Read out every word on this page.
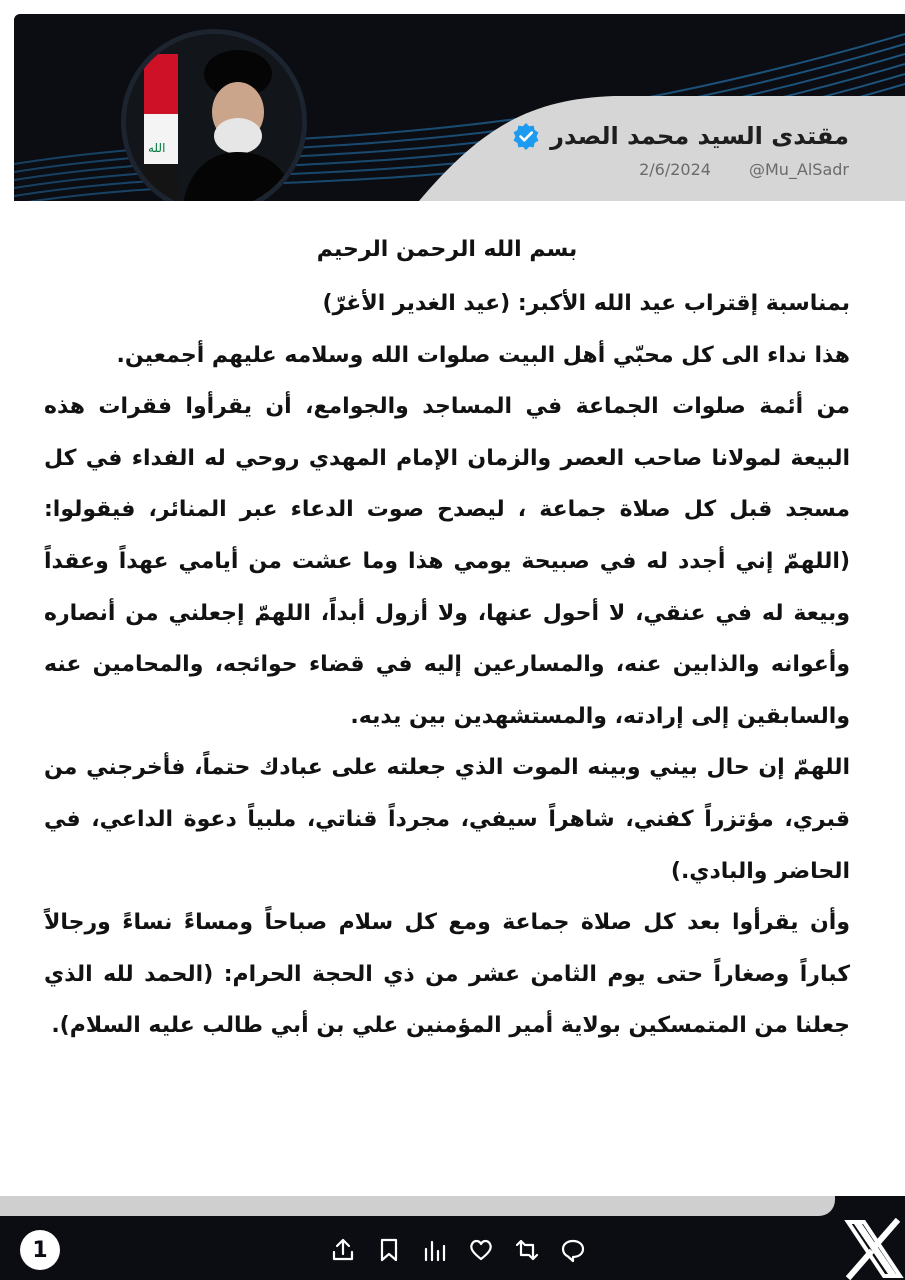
الله	مقتدى السيد محمد الصدر
2/6/2024 @Mu_AlSadr
بسم الله الرحمن الرحيم

بمناسبة إقتراب عيد الله الأكبر: (عيد الغدير الأغرّ)

هذا نداء الى كل محبّي أهل البيت صلوات الله وسلامه عليهم أجمعين.

من أئمة صلوات الجماعة في المساجد والجوامع، أن يقرأوا فقرات هذه البيعة لمولانا صاحب العصر والزمان الإمام المهدي روحي له الفداء في كل مسجد قبل كل صلاة جماعة ، ليصدح صوت الدعاء عبر المنائر، فيقولوا: (اللهمّ إني أجدد له في صبيحة يومي هذا وما عشت من أيامي عهداً وعقداً وبيعة له في عنقي، لا أحول عنها، ولا أزول أبداً، اللهمّ إجعلني من أنصاره وأعوانه والذابين عنه، والمسارعين إليه في قضاء حوائجه، والمحامين عنه والسابقين إلى إرادته، والمستشهدين بين يديه.

اللهمّ إن حال بيني وبينه الموت الذي جعلته على عبادك حتماً، فأخرجني من قبري، مؤتزراً كفني، شاهراً سيفي، مجرداً قناتي، ملبياً دعوة الداعي، في الحاضر والبادي.)

وأن يقرأوا بعد كل صلاة جماعة ومع كل سلام صباحاً ومساءً نساءً ورجالاً كباراً وصغاراً حتى يوم الثامن عشر من ذي الحجة الحرام: (الحمد لله الذي جعلنا من المتمسكين بولاية أمير المؤمنين علي بن أبي طالب عليه السلام).

1
